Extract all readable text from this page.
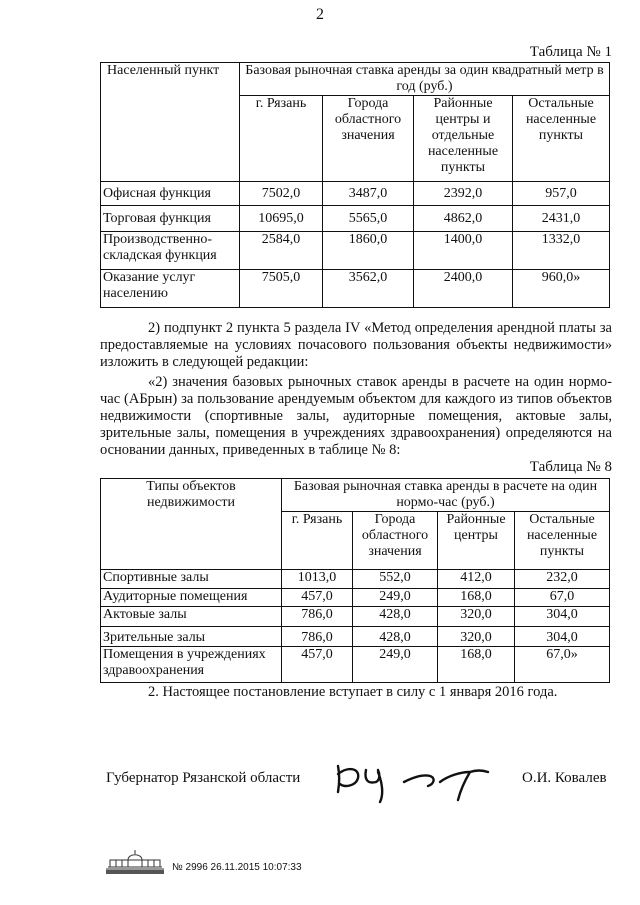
2
Таблица № 1
Населенный пункт	Базовая рыночная ставка аренды за один квадратный метр в год (руб.)			
	г. Рязань	Города областного значения	Районные центры и отдельные населенные пункты	Остальные населенные пункты
Офисная функция	7502,0	3487,0	2392,0	957,0
Торговая функция	10695,0	5565,0	4862,0	2431,0
Производственно-складская функция	2584,0	1860,0	1400,0	1332,0
Оказание услуг населению	7505,0	3562,0	2400,0	960,0»
2) подпункт 2 пункта 5 раздела IV «Метод определения арендной платы за предоставляемые на условиях почасового пользования объекты недвижимости» изложить в следующей редакции:
«2) значения базовых рыночных ставок аренды в расчете на один нормо-час (АБрын) за пользование арендуемым объектом для каждого из типов объектов недвижимости (спортивные залы, аудиторные помещения, актовые залы, зрительные залы, помещения в учреждениях здравоохранения) определяются на основании данных, приведенных в таблице № 8:
Таблица № 8
Типы объектов недвижимости	Базовая рыночная ставка аренды в расчете на один нормо-час (руб.)			
	г. Рязань	Города областного значения	Районные центры	Остальные населенные пункты
Спортивные залы	1013,0	552,0	412,0	232,0
Аудиторные помещения	457,0	249,0	168,0	67,0
Актовые залы	786,0	428,0	320,0	304,0
Зрительные залы	786,0	428,0	320,0	304,0
Помещения в учреждениях здравоохранения	457,0	249,0	168,0	67,0»
2. Настоящее постановление вступает в силу с 1 января 2016 года.
Губернатор Рязанской области	О.И. Ковалев
№ 2996 26.11.2015 10:07:33
